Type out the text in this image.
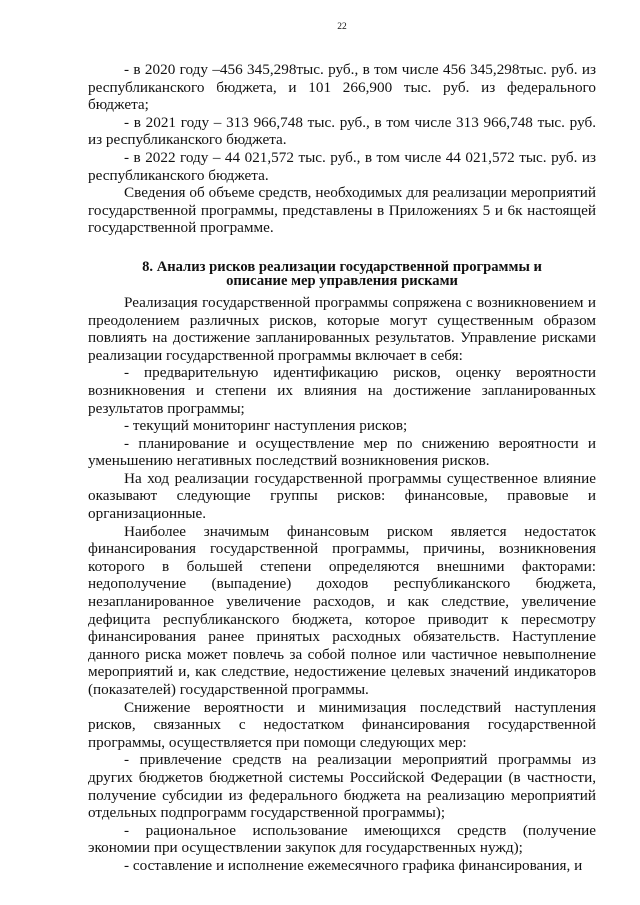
22

- в 2020 году –456 345,298тыс. руб., в том числе 456 345,298тыс. руб. из республиканского бюджета, и 101 266,900 тыс. руб. из федерального бюджета;

- в 2021 году – 313 966,748 тыс. руб., в том числе 313 966,748 тыс. руб. из республиканского бюджета.

- в 2022 году – 44 021,572 тыс. руб., в том числе 44 021,572 тыс. руб. из республиканского бюджета.

Сведения об объеме средств, необходимых для реализации мероприятий государственной программы, представлены в Приложениях 5 и 6к настоящей государственной программе.

8. Анализ рисков реализации государственной программы и описание мер управления рисками

Реализация государственной программы сопряжена с возникновением и преодолением различных рисков, которые могут существенным образом повлиять на достижение запланированных результатов. Управление рисками реализации государственной программы включает в себя:

- предварительную идентификацию рисков, оценку вероятности возникновения и степени их влияния на достижение запланированных результатов программы;

- текущий мониторинг наступления рисков;

- планирование и осуществление мер по снижению вероятности и уменьшению негативных последствий возникновения рисков.

На ход реализации государственной программы существенное влияние оказывают следующие группы рисков: финансовые, правовые и организационные.

Наиболее значимым финансовым риском является недостаток финансирования государственной программы, причины, возникновения которого в большей степени определяются внешними факторами: недополучение (выпадение) доходов республиканского бюджета, незапланированное увеличение расходов, и как следствие, увеличение дефицита республиканского бюджета, которое приводит к пересмотру финансирования ранее принятых расходных обязательств. Наступление данного риска может повлечь за собой полное или частичное невыполнение мероприятий и, как следствие, недостижение целевых значений индикаторов (показателей) государственной программы.

Снижение вероятности и минимизация последствий наступления рисков, связанных с недостатком финансирования государственной программы, осуществляется при помощи следующих мер:

- привлечение средств на реализации мероприятий программы из других бюджетов бюджетной системы Российской Федерации (в частности, получение субсидии из федерального бюджета на реализацию мероприятий отдельных подпрограмм государственной программы);

- рациональное использование имеющихся средств (получение экономии при осуществлении закупок для государственных нужд);

- составление и исполнение ежемесячного графика финансирования, и
